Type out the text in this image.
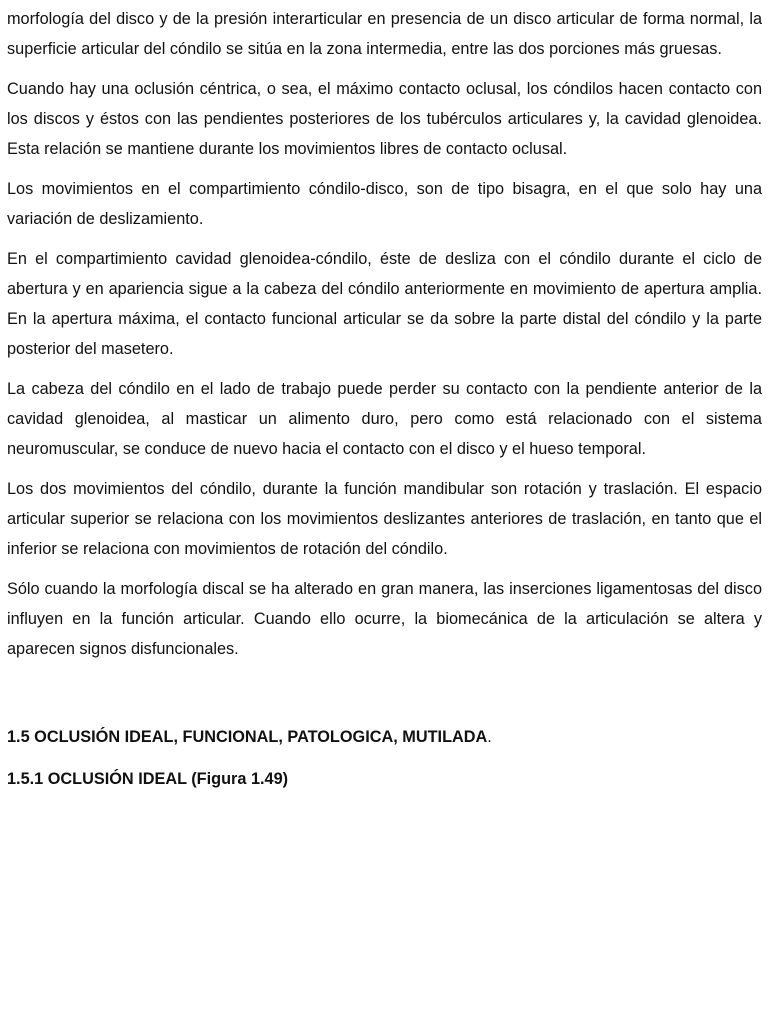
morfología del disco y de la presión interarticular en presencia de un disco articular de forma normal, la superficie articular del cóndilo se sitúa en la zona intermedia, entre las dos porciones más gruesas.

Cuando hay una oclusión céntrica, o sea, el máximo contacto oclusal, los cóndilos hacen contacto con los discos y éstos con las pendientes posteriores de los tubérculos articulares y, la cavidad glenoidea. Esta relación se mantiene durante los movimientos libres de contacto oclusal.

Los movimientos en el compartimiento cóndilo-disco, son de tipo bisagra, en el que solo hay una variación de deslizamiento.

En el compartimiento cavidad glenoidea-cóndilo, éste de desliza con el cóndilo durante el ciclo de abertura y en apariencia sigue a la cabeza del cóndilo anteriormente en movimiento de apertura amplia. En la apertura máxima, el contacto funcional articular se da sobre la parte distal del cóndilo y la parte posterior del masetero.

La cabeza del cóndilo en el lado de trabajo puede perder su contacto con la pendiente anterior de la cavidad glenoidea, al masticar un alimento duro, pero como está relacionado con el sistema neuromuscular, se conduce de nuevo hacia el contacto con el disco y el hueso temporal.

Los dos movimientos del cóndilo, durante la función mandibular son rotación y traslación. El espacio articular superior se relaciona con los movimientos deslizantes anteriores de traslación, en tanto que el inferior se relaciona con movimientos de rotación del cóndilo.

Sólo cuando la morfología discal se ha alterado en gran manera, las inserciones ligamentosas del disco influyen en la función articular. Cuando ello ocurre, la biomecánica de la articulación se altera y aparecen signos disfuncionales.

1.5 OCLUSIÓN IDEAL, FUNCIONAL, PATOLOGICA, MUTILADA.

1.5.1 OCLUSIÓN IDEAL (Figura 1.49)
